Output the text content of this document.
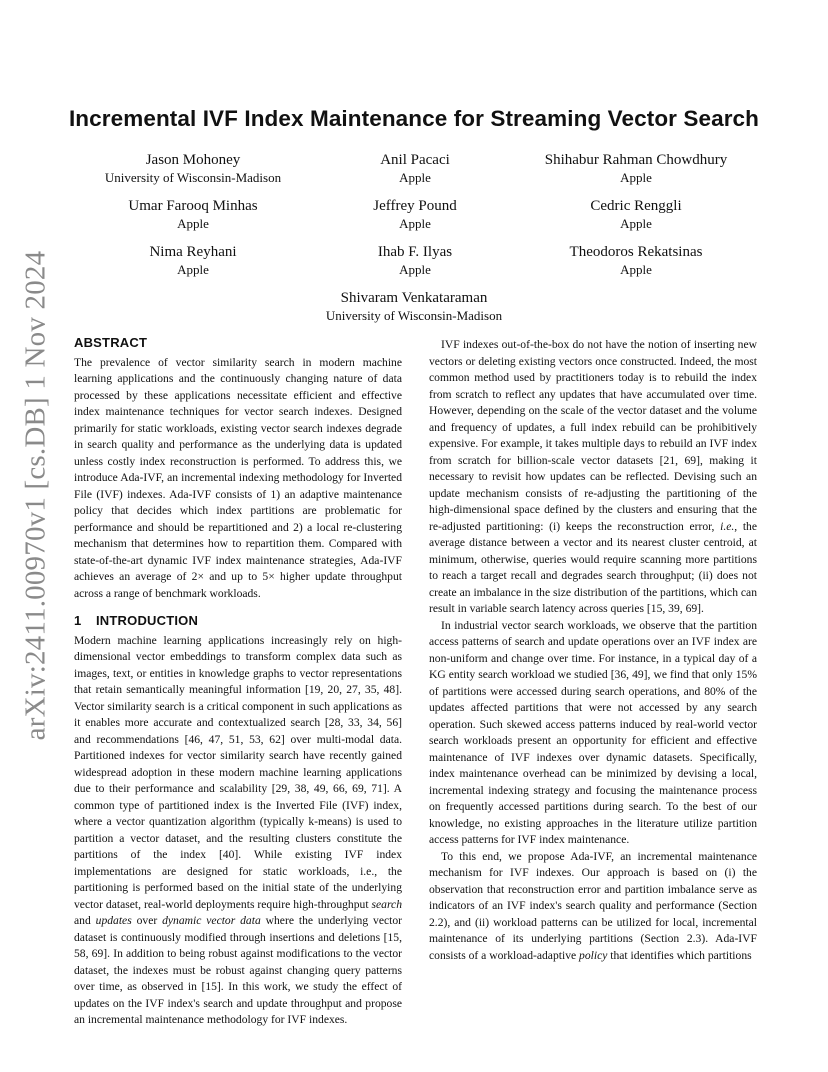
arXiv:2411.00970v1 [cs.DB] 1 Nov 2024
Incremental IVF Index Maintenance for Streaming Vector Search
Jason Mohoney
University of Wisconsin-Madison
Anil Pacaci
Apple
Shihabur Rahman Chowdhury
Apple
Umar Farooq Minhas
Apple
Jeffrey Pound
Apple
Cedric Renggli
Apple
Nima Reyhani
Apple
Ihab F. Ilyas
Apple
Theodoros Rekatsinas
Apple
Shivaram Venkataraman
University of Wisconsin-Madison
ABSTRACT

The prevalence of vector similarity search in modern machine learning applications and the continuously changing nature of data processed by these applications necessitate efficient and effective index maintenance techniques for vector search indexes. Designed primarily for static workloads, existing vector search indexes degrade in search quality and performance as the underlying data is updated unless costly index reconstruction is performed. To address this, we introduce Ada-IVF, an incremental indexing methodology for Inverted File (IVF) indexes. Ada-IVF consists of 1) an adaptive maintenance policy that decides which index partitions are problematic for performance and should be repartitioned and 2) a local re-clustering mechanism that determines how to repartition them. Compared with state-of-the-art dynamic IVF index maintenance strategies, Ada-IVF achieves an average of 2× and up to 5× higher update throughput across a range of benchmark workloads.

1 INTRODUCTION

Modern machine learning applications increasingly rely on high-dimensional vector embeddings to transform complex data such as images, text, or entities in knowledge graphs to vector representations that retain semantically meaningful information [19, 20, 27, 35, 48]. Vector similarity search is a critical component in such applications as it enables more accurate and contextualized search [28, 33, 34, 56] and recommendations [46, 47, 51, 53, 62] over multi-modal data. Partitioned indexes for vector similarity search have recently gained widespread adoption in these modern machine learning applications due to their performance and scalability [29, 38, 49, 66, 69, 71]. A common type of partitioned index is the Inverted File (IVF) index, where a vector quantization algorithm (typically k-means) is used to partition a vector dataset, and the resulting clusters constitute the partitions of the index [40]. While existing IVF index implementations are designed for static workloads, i.e., the partitioning is performed based on the initial state of the underlying vector dataset, real-world deployments require high-throughput search and updates over dynamic vector data where the underlying vector dataset is continuously modified through insertions and deletions [15, 58, 69]. In addition to being robust against modifications to the vector dataset, the indexes must be robust against changing query patterns over time, as observed in [15]. In this work, we study the effect of updates on the IVF index's search and update throughput and propose an incremental maintenance methodology for IVF indexes.

IVF indexes out-of-the-box do not have the notion of inserting new vectors or deleting existing vectors once constructed. Indeed, the most common method used by practitioners today is to rebuild the index from scratch to reflect any updates that have accumulated over time. However, depending on the scale of the vector dataset and the volume and frequency of updates, a full index rebuild can be prohibitively expensive. For example, it takes multiple days to rebuild an IVF index from scratch for billion-scale vector datasets [21, 69], making it necessary to revisit how updates can be reflected. Devising such an update mechanism consists of re-adjusting the partitioning of the high-dimensional space defined by the clusters and ensuring that the re-adjusted partitioning: (i) keeps the reconstruction error, i.e., the average distance between a vector and its nearest cluster centroid, at minimum, otherwise, queries would require scanning more partitions to reach a target recall and degrades search throughput; (ii) does not create an imbalance in the size distribution of the partitions, which can result in variable search latency across queries [15, 39, 69].

In industrial vector search workloads, we observe that the partition access patterns of search and update operations over an IVF index are non-uniform and change over time. For instance, in a typical day of a KG entity search workload we studied [36, 49], we find that only 15% of partitions were accessed during search operations, and 80% of the updates affected partitions that were not accessed by any search operation. Such skewed access patterns induced by real-world vector search workloads present an opportunity for efficient and effective maintenance of IVF indexes over dynamic datasets. Specifically, index maintenance overhead can be minimized by devising a local, incremental indexing strategy and focusing the maintenance process on frequently accessed partitions during search. To the best of our knowledge, no existing approaches in the literature utilize partition access patterns for IVF index maintenance.

To this end, we propose Ada-IVF, an incremental maintenance mechanism for IVF indexes. Our approach is based on (i) the observation that reconstruction error and partition imbalance serve as indicators of an IVF index's search quality and performance (Section 2.2), and (ii) workload patterns can be utilized for local, incremental maintenance of its underlying partitions (Section 2.3). Ada-IVF consists of a workload-adaptive policy that identifies which partitions
